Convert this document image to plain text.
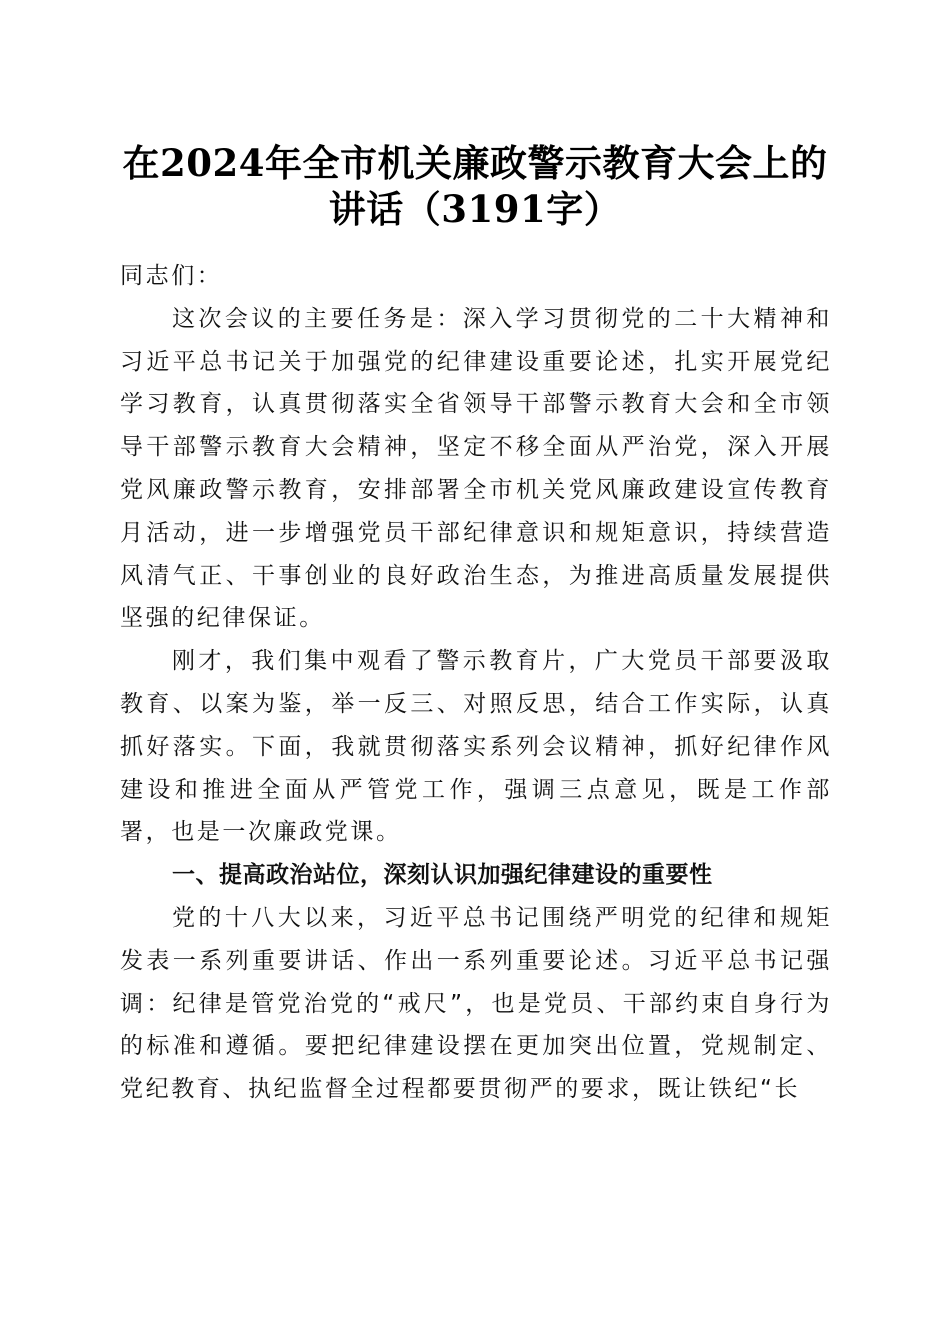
在2024年全市机关廉政警示教育大会上的讲话（3191字）

同志们：

这次会议的主要任务是：深入学习贯彻党的二十大精神和习近平总书记关于加强党的纪律建设重要论述，扎实开展党纪学习教育，认真贯彻落实全省领导干部警示教育大会和全市领导干部警示教育大会精神，坚定不移全面从严治党，深入开展党风廉政警示教育，安排部署全市机关党风廉政建设宣传教育月活动，进一步增强党员干部纪律意识和规矩意识，持续营造风清气正、干事创业的良好政治生态，为推进高质量发展提供坚强的纪律保证。

刚才，我们集中观看了警示教育片，广大党员干部要汲取教育、以案为鉴，举一反三、对照反思，结合工作实际，认真抓好落实。下面，我就贯彻落实系列会议精神，抓好纪律作风建设和推进全面从严管党工作，强调三点意见，既是工作部署，也是一次廉政党课。

一、提高政治站位，深刻认识加强纪律建设的重要性

党的十八大以来，习近平总书记围绕严明党的纪律和规矩发表一系列重要讲话、作出一系列重要论述。习近平总书记强调：纪律是管党治党的“戒尺”，也是党员、干部约束自身行为的标准和遵循。要把纪律建设摆在更加突出位置，党规制定、党纪教育、执纪监督全过程都要贯彻严的要求，既让铁纪“长
